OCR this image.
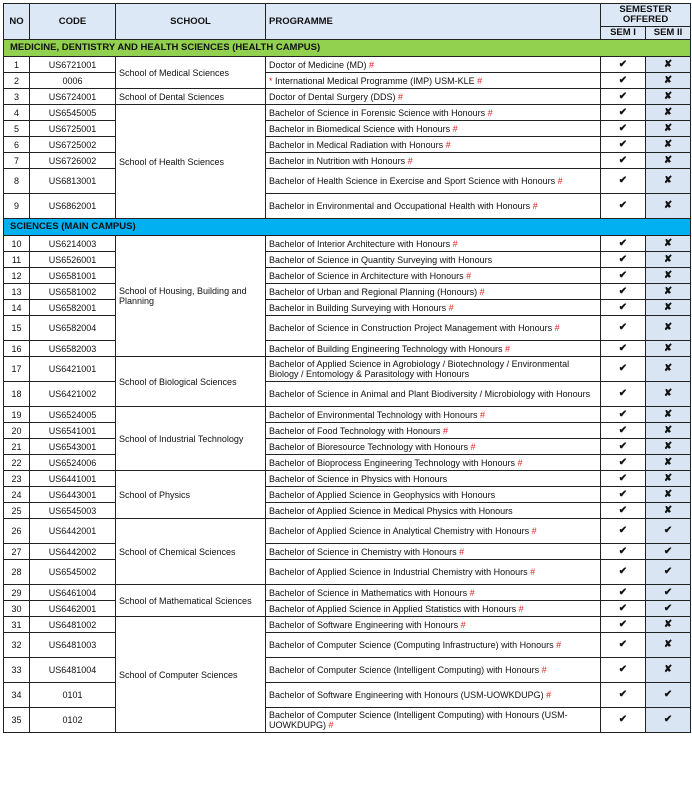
NO	CODE	SCHOOL	PROGRAMME	SEMESTER OFFERED	
				SEM I	SEM II
MEDICINE, DENTISTRY AND HEALTH SCIENCES (HEALTH CAMPUS)					
1	US6721001	School of Medical Sciences	Doctor of Medicine (MD) #	✔	✘
2	0006		* International Medical Programme (IMP) USM-KLE #	✔	✘
3	US6724001	School of Dental Sciences	Doctor of Dental Surgery (DDS) #	✔	✘
4	US6545005	School of Health Sciences	Bachelor of Science in Forensic Science with Honours #	✔	✘
5	US6725001		Bachelor in Biomedical Science with Honours #	✔	✘
6	US6725002		Bachelor in Medical Radiation with Honours #	✔	✘
7	US6726002		Bachelor in Nutrition with Honours #	✔	✘
8	US6813001		Bachelor of Health Science in Exercise and Sport Science with Honours #	✔	✘
9	US6862001		Bachelor in Environmental and Occupational Health with Honours #	✔	✘
SCIENCES (MAIN CAMPUS)					
10	US6214003	School of Housing, Building and Planning	Bachelor of Interior Architecture with Honours #	✔	✘
11	US6526001		Bachelor of Science in Quantity Surveying with Honours	✔	✘
12	US6581001		Bachelor of Science in Architecture with Honours #	✔	✘
13	US6581002		Bachelor of Urban and Regional Planning (Honours) #	✔	✘
14	US6582001		Bachelor in Building Surveying with Honours #	✔	✘
15	US6582004		Bachelor of Science in Construction Project Management with Honours #	✔	✘
16	US6582003		Bachelor of Building Engineering Technology with Honours #	✔	✘
17	US6421001	School of Biological Sciences	Bachelor of Applied Science in Agrobiology / Biotechnology / Environmental Biology / Entomology & Parasitology with Honours	✔	✘
18	US6421002		Bachelor of Science in Animal and Plant Biodiversity / Microbiology with Honours	✔	✘
19	US6524005	School of Industrial Technology	Bachelor of Environmental Technology with Honours #	✔	✘
20	US6541001		Bachelor of Food Technology with Honours #	✔	✘
21	US6543001		Bachelor of Bioresource Technology with Honours #	✔	✘
22	US6524006		Bachelor of Bioprocess Engineering Technology with Honours #	✔	✘
23	US6441001	School of Physics	Bachelor of Science in Physics with Honours	✔	✘
24	US6443001		Bachelor of Applied Science in Geophysics with Honours	✔	✘
25	US6545003		Bachelor of Applied Science in Medical Physics with Honours	✔	✘
26	US6442001	School of Chemical Sciences	Bachelor of Applied Science in Analytical Chemistry with Honours #	✔	✔
27	US6442002		Bachelor of Science in Chemistry with Honours #	✔	✔
28	US6545002		Bachelor of Applied Science in Industrial Chemistry with Honours #	✔	✔
29	US6461004	School of Mathematical Sciences	Bachelor of Science in Mathematics with Honours #	✔	✔
30	US6462001		Bachelor of Applied Science in Applied Statistics with Honours #	✔	✔
31	US6481002	School of Computer Sciences	Bachelor of Software Engineering with Honours #	✔	✘
32	US6481003		Bachelor of Computer Science (Computing Infrastructure) with Honours #	✔	✘
33	US6481004		Bachelor of Computer Science (Intelligent Computing) with Honours #	✔	✘
34	0101		Bachelor of Software Engineering with Honours (USM-UOWKDUPG) #	✔	✔
35	0102		Bachelor of Computer Science (Intelligent Computing) with Honours (USM-UOWKDUPG) #	✔	✔
